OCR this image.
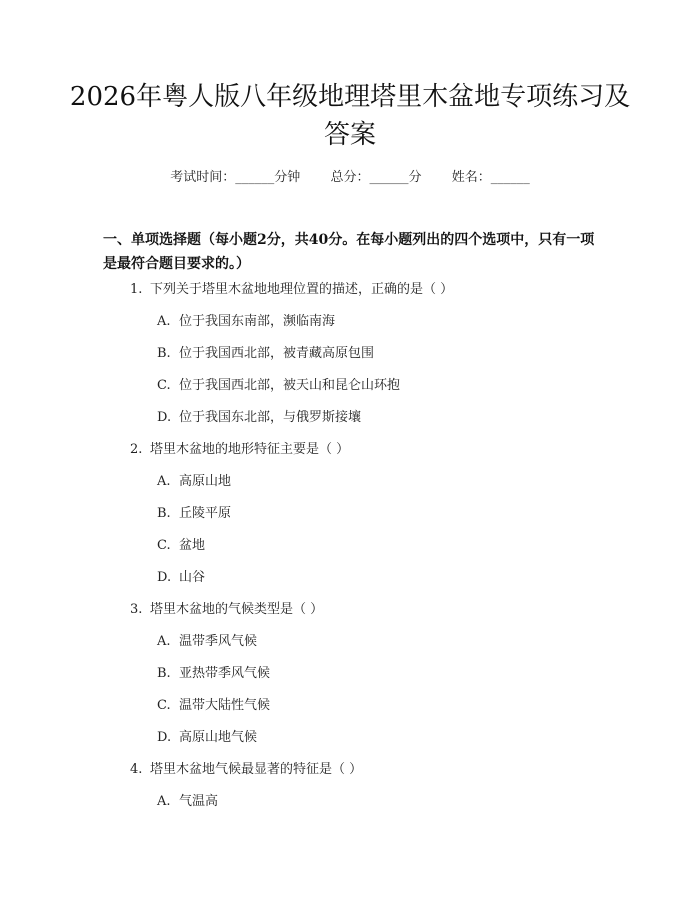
2026年粤人版八年级地理塔里木盆地专项练习及答案
考试时间：______分钟 总分：______分 姓名：______
一、单项选择题（每小题2分，共40分。在每小题列出的四个选项中，只有一项是最符合题目要求的。）
1. 下列关于塔里木盆地地理位置的描述，正确的是（ ）
A. 位于我国东南部，濒临南海
B. 位于我国西北部，被青藏高原包围
C. 位于我国西北部，被天山和昆仑山环抱
D. 位于我国东北部，与俄罗斯接壤
2. 塔里木盆地的地形特征主要是（ ）
A. 高原山地
B. 丘陵平原
C. 盆地
D. 山谷
3. 塔里木盆地的气候类型是（ ）
A. 温带季风气候
B. 亚热带季风气候
C. 温带大陆性气候
D. 高原山地气候
4. 塔里木盆地气候最显著的特征是（ ）
A. 气温高
